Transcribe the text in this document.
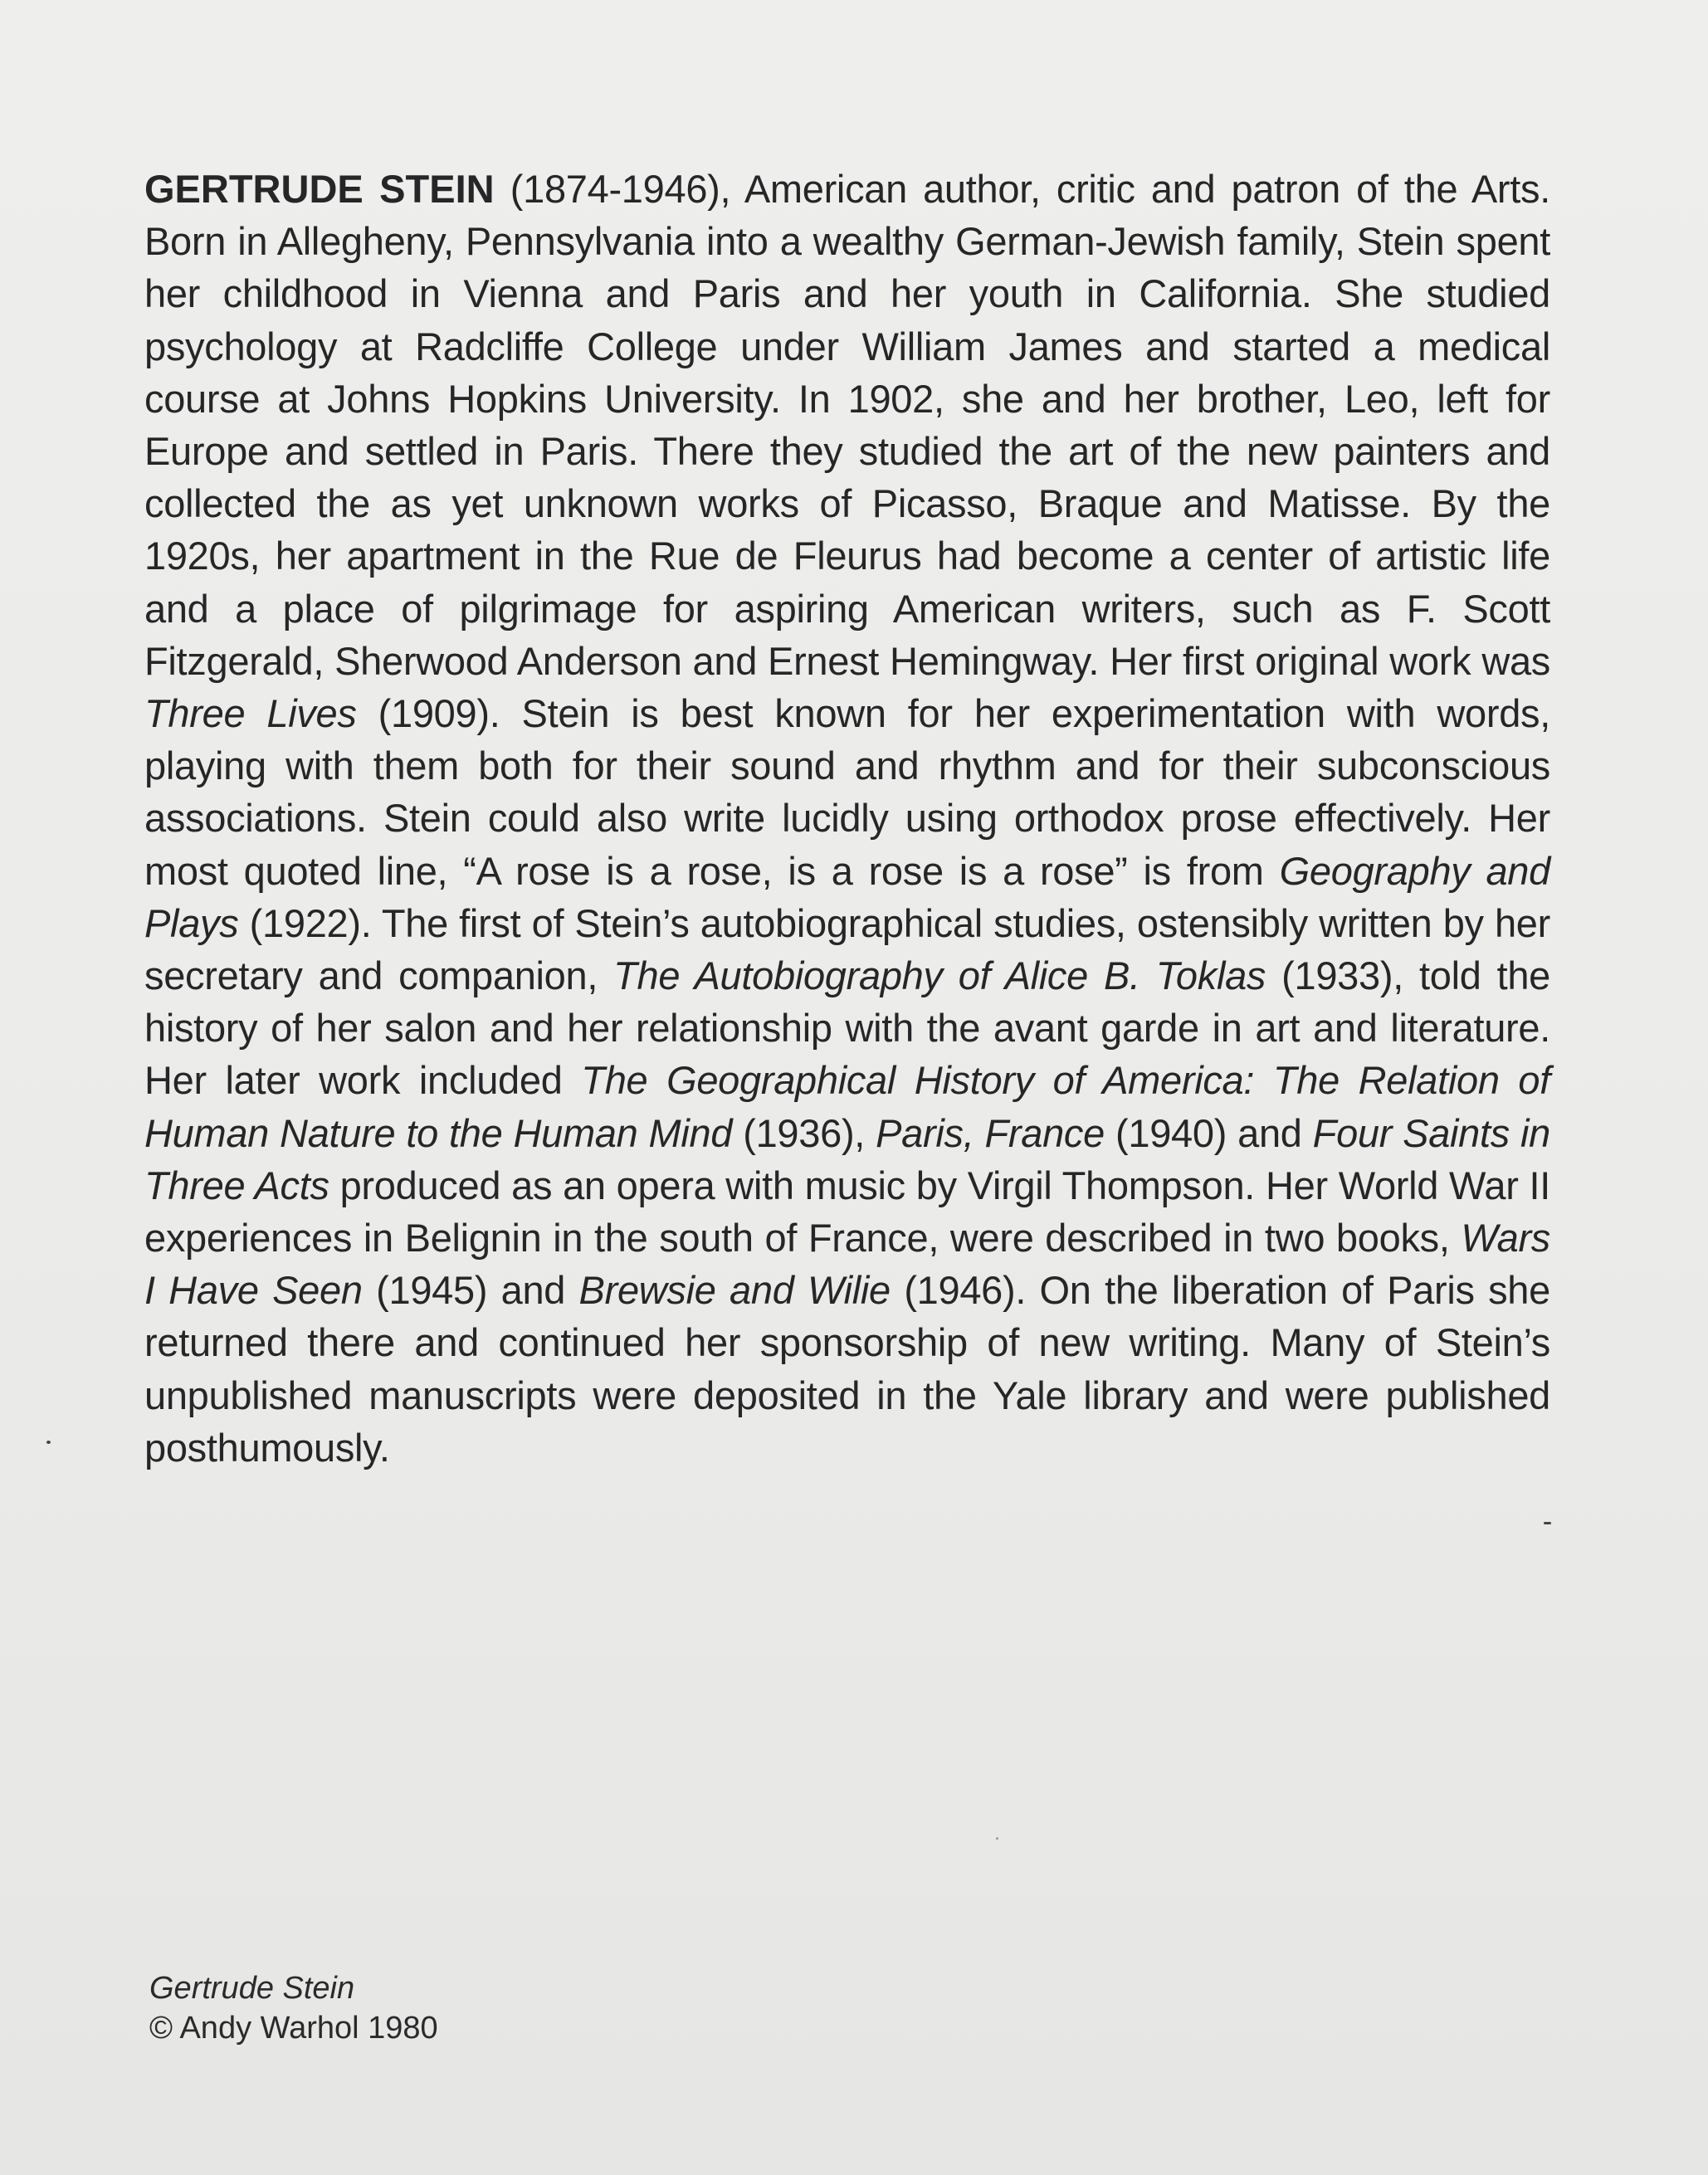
GERTRUDE STEIN (1874-1946), American author, critic and patron of the Arts. Born in Allegheny, Pennsylvania into a wealthy German-Jewish family, Stein spent her childhood in Vienna and Paris and her youth in California. She studied psychology at Radcliffe College under William James and started a medical course at Johns Hopkins University. In 1902, she and her brother, Leo, left for Europe and settled in Paris. There they studied the art of the new painters and collected the as yet unknown works of Picasso, Braque and Matisse. By the 1920s, her apartment in the Rue de Fleurus had become a center of artistic life and a place of pilgrimage for aspiring American writers, such as F. Scott Fitzgerald, Sherwood Anderson and Ernest Hemingway. Her first original work was Three Lives (1909). Stein is best known for her experimentation with words, playing with them both for their sound and rhythm and for their subconscious associations. Stein could also write lucidly using orthodox prose effectively. Her most quoted line, “A rose is a rose, is a rose is a rose” is from Geography and Plays (1922). The first of Stein’s autobiographical studies, ostensibly written by her secretary and companion, The Autobiography of Alice B. Toklas (1933), told the history of her salon and her relationship with the avant garde in art and literature. Her later work included The Geographical History of America: The Relation of Human Nature to the Human Mind (1936), Paris, France (1940) and Four Saints in Three Acts produced as an opera with music by Virgil Thompson. Her World War II experiences in Belignin in the south of France, were described in two books, Wars I Have Seen (1945) and Brewsie and Wilie (1946). On the liberation of Paris she returned there and continued her sponsorship of new writing. Many of Stein’s unpublished manuscripts were deposited in the Yale library and were published posthumously.

Gertrude Stein
© Andy Warhol 1980
